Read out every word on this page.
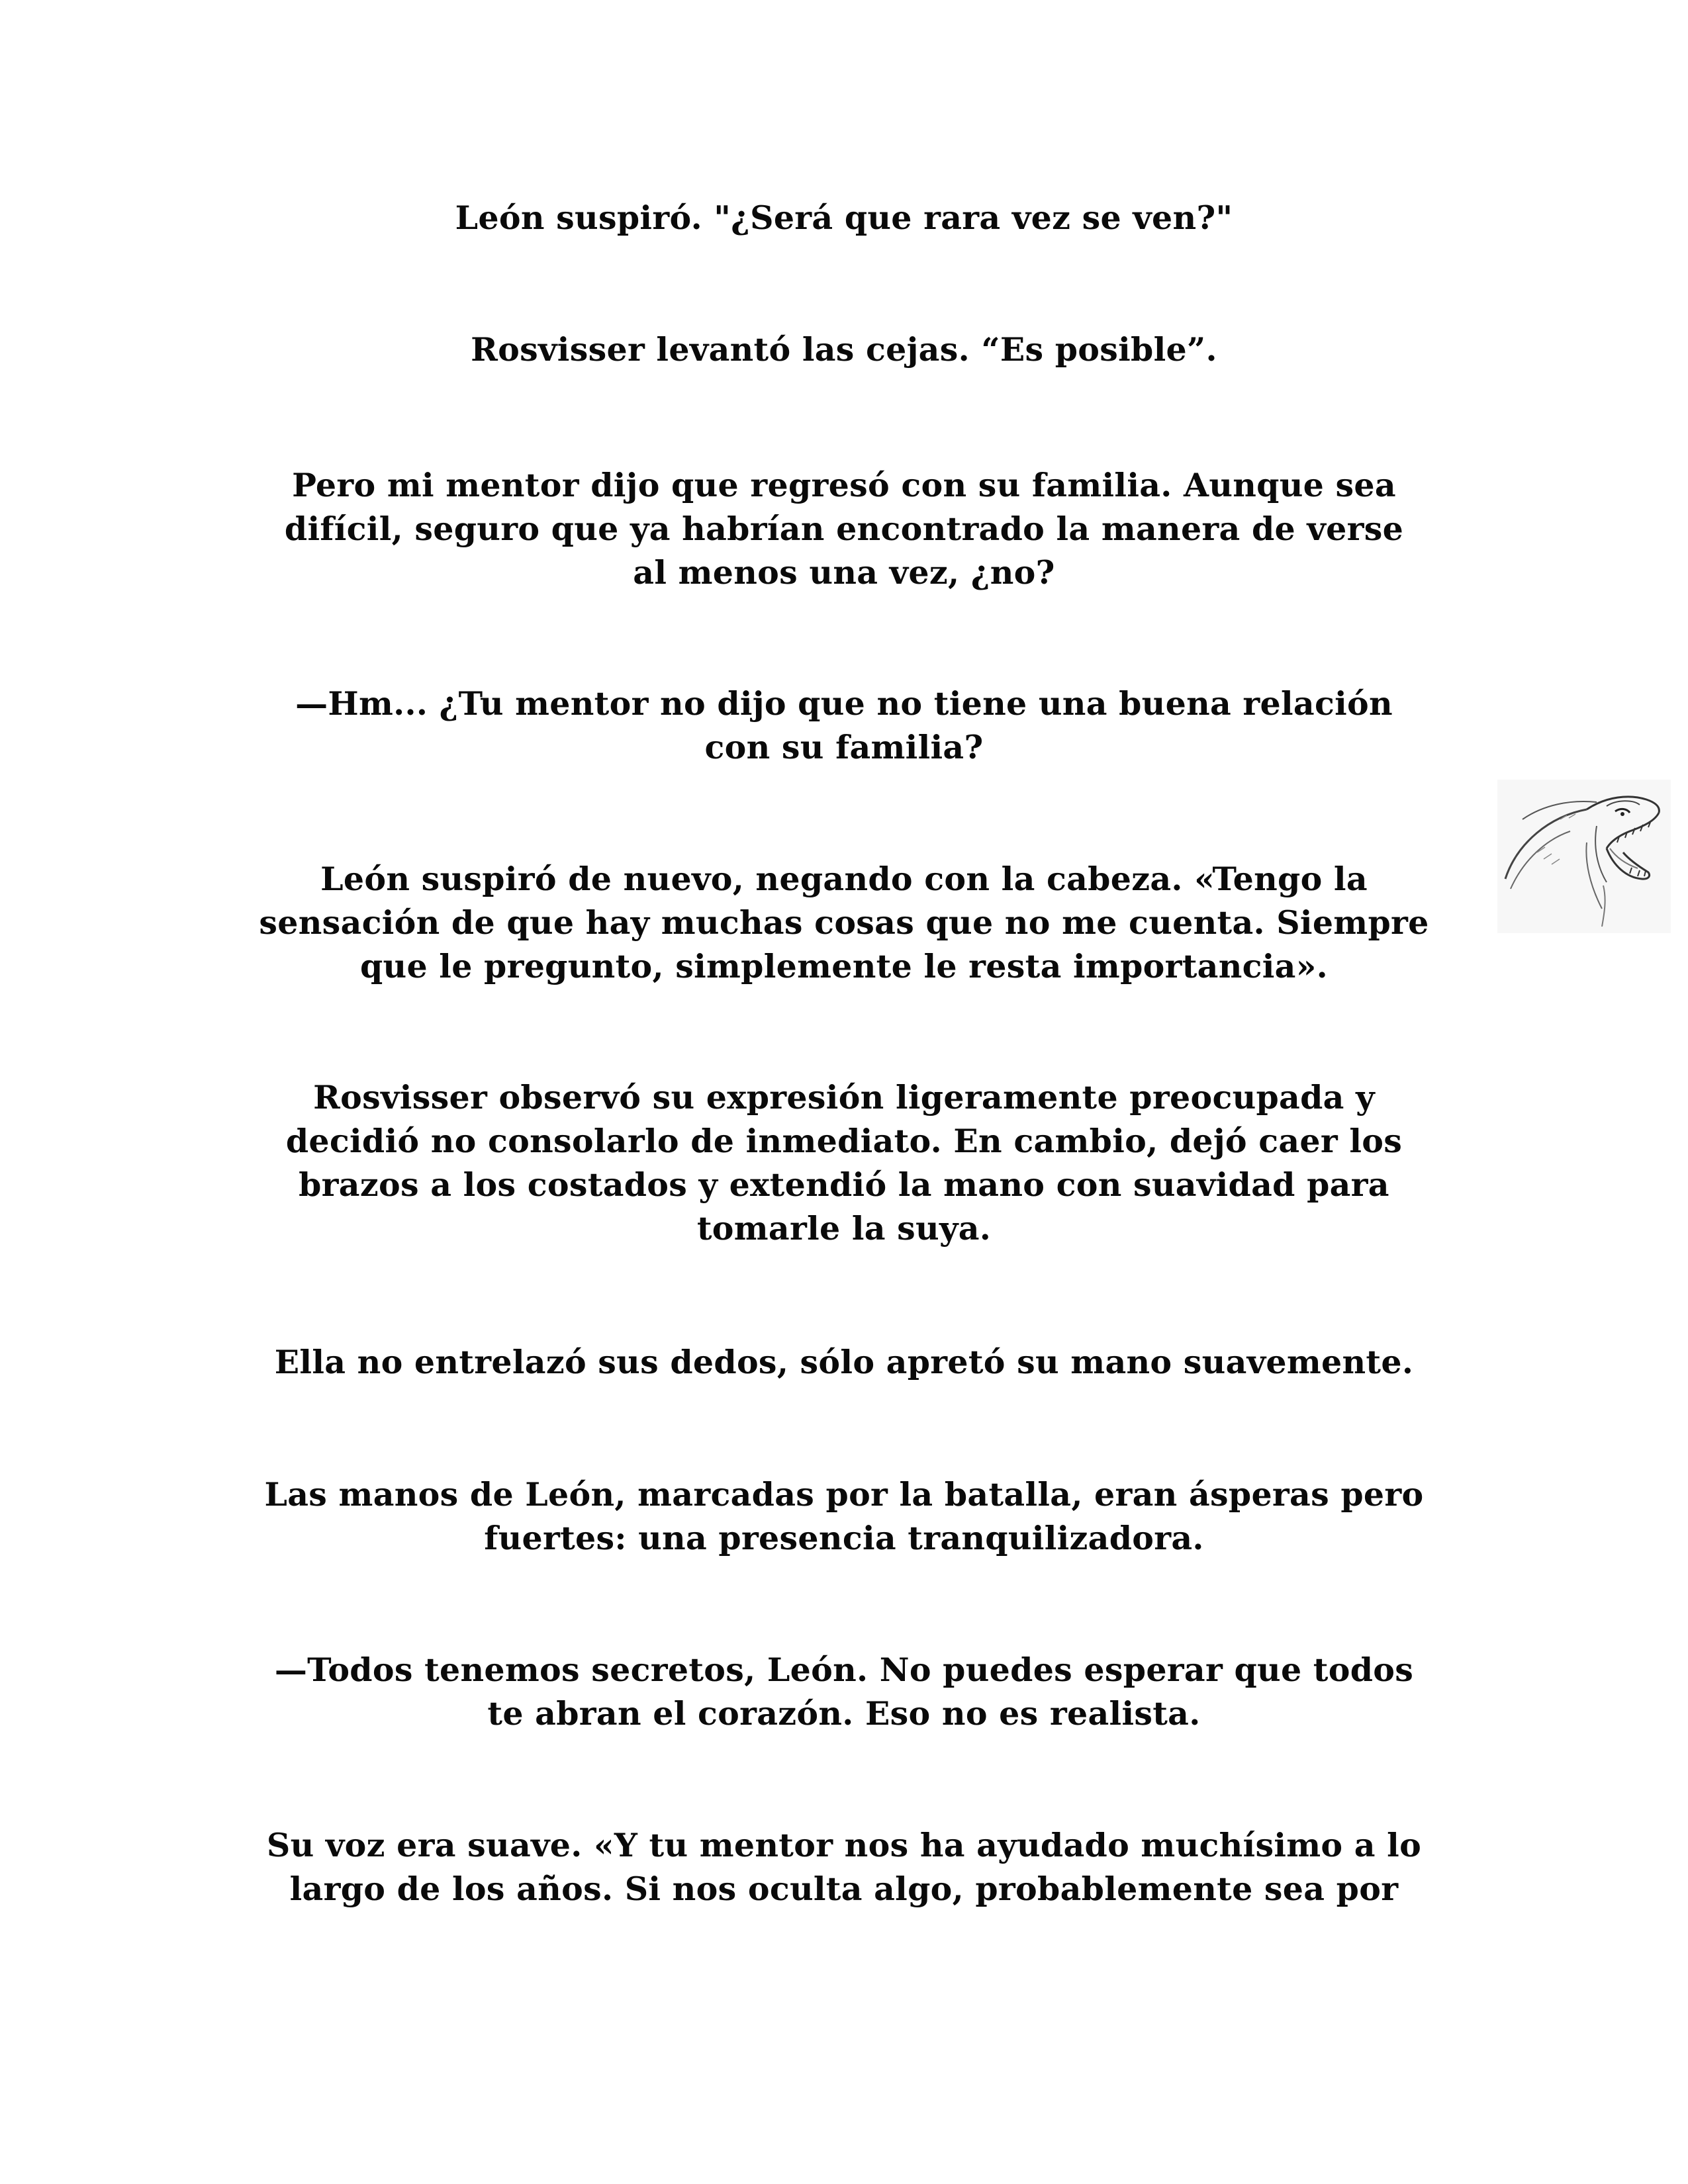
León suspiró. "¿Será que rara vez se ven?"

Rosvisser levantó las cejas. “Es posible”.

Pero mi mentor dijo que regresó con su familia. Aunque sea
difícil, seguro que ya habrían encontrado la manera de verse
al menos una vez, ¿no?

—Hm... ¿Tu mentor no dijo que no tiene una buena relación
con su familia?

León suspiró de nuevo, negando con la cabeza. «Tengo la
sensación de que hay muchas cosas que no me cuenta. Siempre
que le pregunto, simplemente le resta importancia».

Rosvisser observó su expresión ligeramente preocupada y
decidió no consolarlo de inmediato. En cambio, dejó caer los
brazos a los costados y extendió la mano con suavidad para
tomarle la suya.

Ella no entrelazó sus dedos, sólo apretó su mano suavemente.

Las manos de León, marcadas por la batalla, eran ásperas pero
fuertes: una presencia tranquilizadora.

—Todos tenemos secretos, León. No puedes esperar que todos
te abran el corazón. Eso no es realista.

Su voz era suave. «Y tu mentor nos ha ayudado muchísimo a lo
largo de los años. Si nos oculta algo, probablemente sea por
